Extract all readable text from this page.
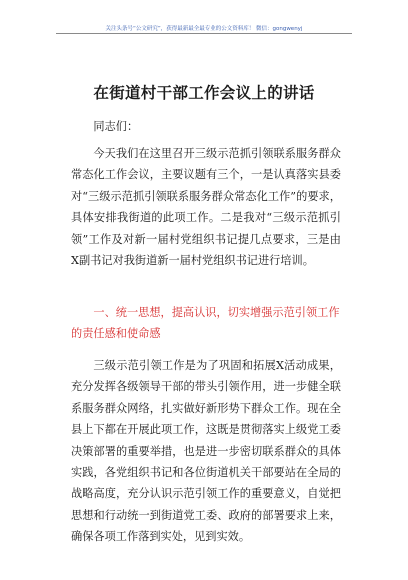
关注头条号“公文研究”，获得最新最全最专业的公文资料库！ 微信：gongwenyj
在街道村干部工作会议上的讲话
同志们：
今天我们在这里召开三级示范抓引领联系服务群众常态化工作会议，主要议题有三个，一是认真落实县委对“三级示范抓引领联系服务群众常态化工作”的要求，具体安排我街道的此项工作。二是我对“三级示范抓引领”工作及对新一届村党组织书记提几点要求，三是由X副书记对我街道新一届村党组织书记进行培训。
一、统一思想，提高认识，切实增强示范引领工作的责任感和使命感
三级示范引领工作是为了巩固和拓展X活动成果，充分发挥各级领导干部的带头引领作用，进一步健全联系服务群众网络，扎实做好新形势下群众工作。现在全县上下都在开展此项工作，这既是贯彻落实上级党工委决策部署的重要举措，也是进一步密切联系群众的具体实践，各党组织书记和各位街道机关干部要站在全局的战略高度，充分认识示范引领工作的重要意义，自觉把思想和行动统一到街道党工委、政府的部署要求上来，确保各项工作落到实处，见到实效。
